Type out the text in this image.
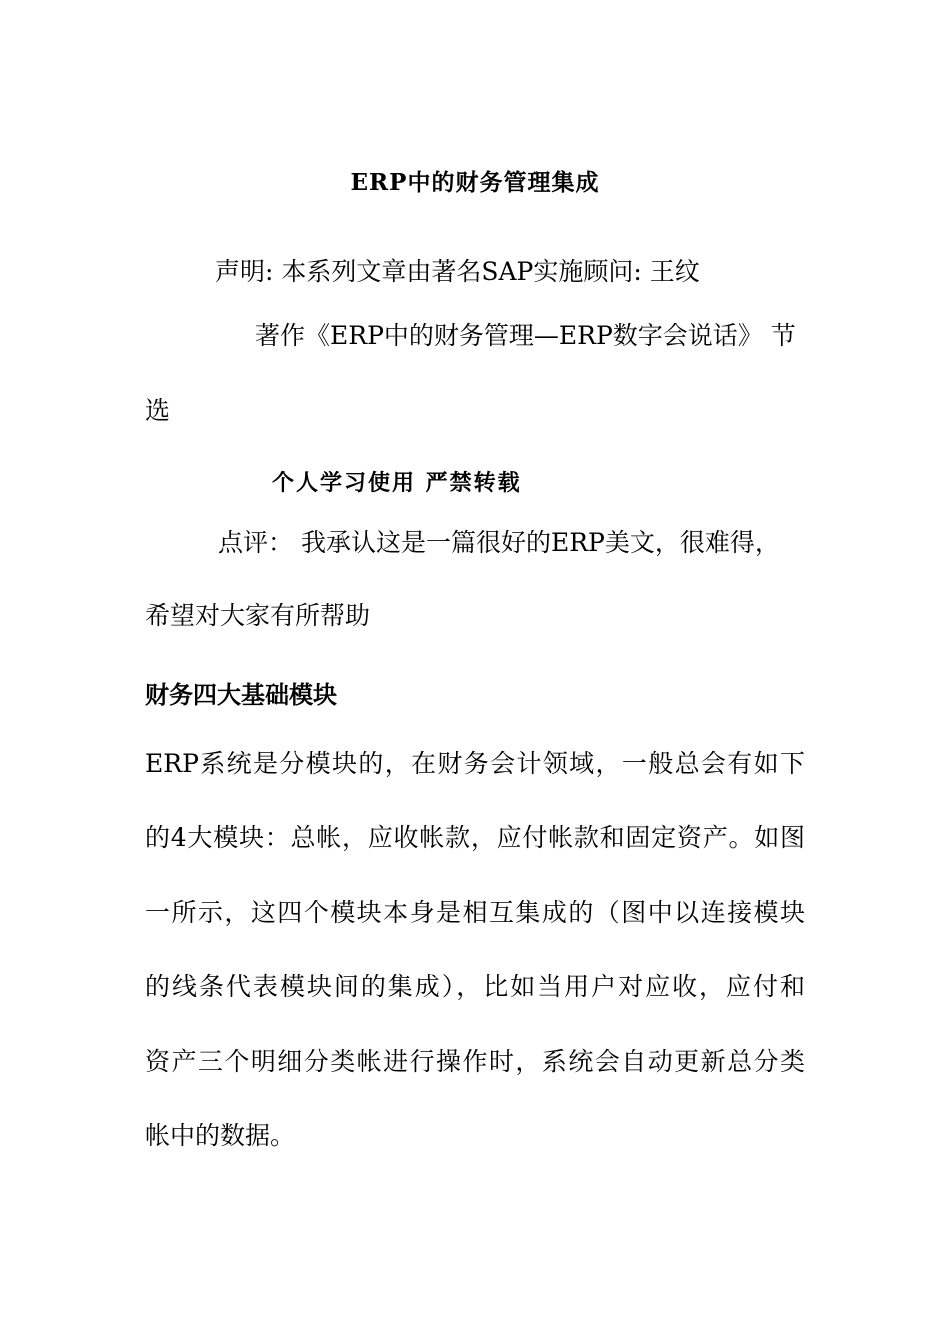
ERP中的财务管理集成
声明: 本系列文章由著名SAP实施顾问: 王纹
著作《ERP中的财务管理—ERP数字会说话》 节
选
个人学习使用 严禁转载
点评： 我承认这是一篇很好的ERP美文，很难得，
希望对大家有所帮助
财务四大基础模块
ERP系统是分模块的，在财务会计领域，一般总会有如下
的4大模块：总帐，应收帐款，应付帐款和固定资产。如图
一所示，这四个模块本身是相互集成的（图中以连接模块
的线条代表模块间的集成），比如当用户对应收，应付和
资产三个明细分类帐进行操作时，系统会自动更新总分类
帐中的数据。
